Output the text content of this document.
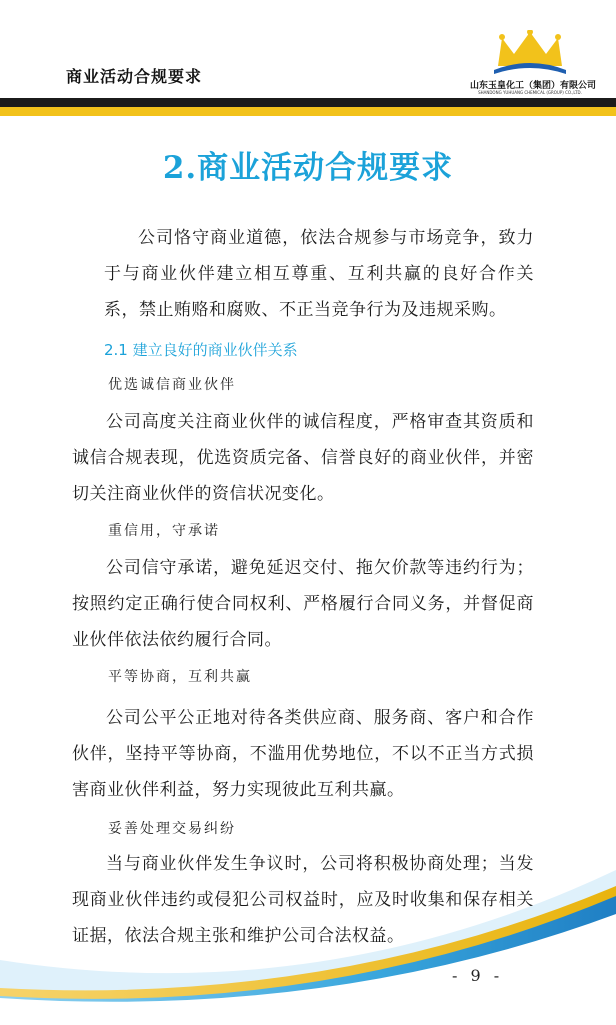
商业活动合规要求	山东玉皇化工（集团）有限公司
SHANDONG YUHUANG CHEMICAL (GROUP) CO.,LTD.
2.商业活动合规要求

公司恪守商业道德，依法合规参与市场竞争，致力于与商业伙伴建立相互尊重、互利共赢的良好合作关系，禁止贿赂和腐败、不正当竞争行为及违规采购。

2.1 建立良好的商业伙伴关系
优选诚信商业伙伴

公司高度关注商业伙伴的诚信程度，严格审查其资质和诚信合规表现，优选资质完备、信誉良好的商业伙伴，并密切关注商业伙伴的资信状况变化。

重信用，守承诺

公司信守承诺，避免延迟交付、拖欠价款等违约行为；按照约定正确行使合同权利、严格履行合同义务，并督促商业伙伴依法依约履行合同。

平等协商，互利共赢

公司公平公正地对待各类供应商、服务商、客户和合作伙伴，坚持平等协商，不滥用优势地位，不以不正当方式损害商业伙伴利益，努力实现彼此互利共赢。

妥善处理交易纠纷

当与商业伙伴发生争议时，公司将积极协商处理；当发现商业伙伴违约或侵犯公司权益时，应及时收集和保存相关证据，依法合规主张和维护公司合法权益。

- 9 -
